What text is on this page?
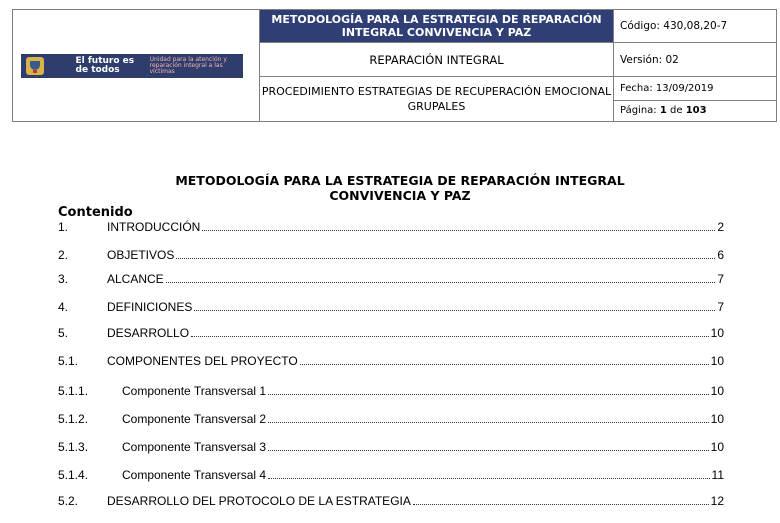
El futuro es de todos
Unidad para la atención y reparación integral a las víctimas	METODOLOGÍA PARA LA ESTRATEGIA DE REPARACIÓN INTEGRAL CONVIVENCIA Y PAZ	Código: 430,08,20-7
	REPARACIÓN INTEGRAL	Versión: 02
	PROCEDIMIENTO ESTRATEGIAS DE RECUPERACIÓN EMOCIONAL GRUPALES	Fecha: 13/09/2019
		Página: 1 de 103
METODOLOGÍA PARA LA ESTRATEGIA DE REPARACIÓN INTEGRAL
CONVIVENCIA Y PAZ
Contenido
1.	INTRODUCCIÓN	2
2.	OBJETIVOS	6
3.	ALCANCE	7
4.	DEFINICIONES	7
5.	DESARROLLO	10
5.1.	COMPONENTES DEL PROYECTO	10
5.1.1.	Componente Transversal 1	10
5.1.2.	Componente Transversal 2	10
5.1.3.	Componente Transversal 3	10
5.1.4.	Componente Transversal 4	11
5.2.	DESARROLLO DEL PROTOCOLO DE LA ESTRATEGIA	12
